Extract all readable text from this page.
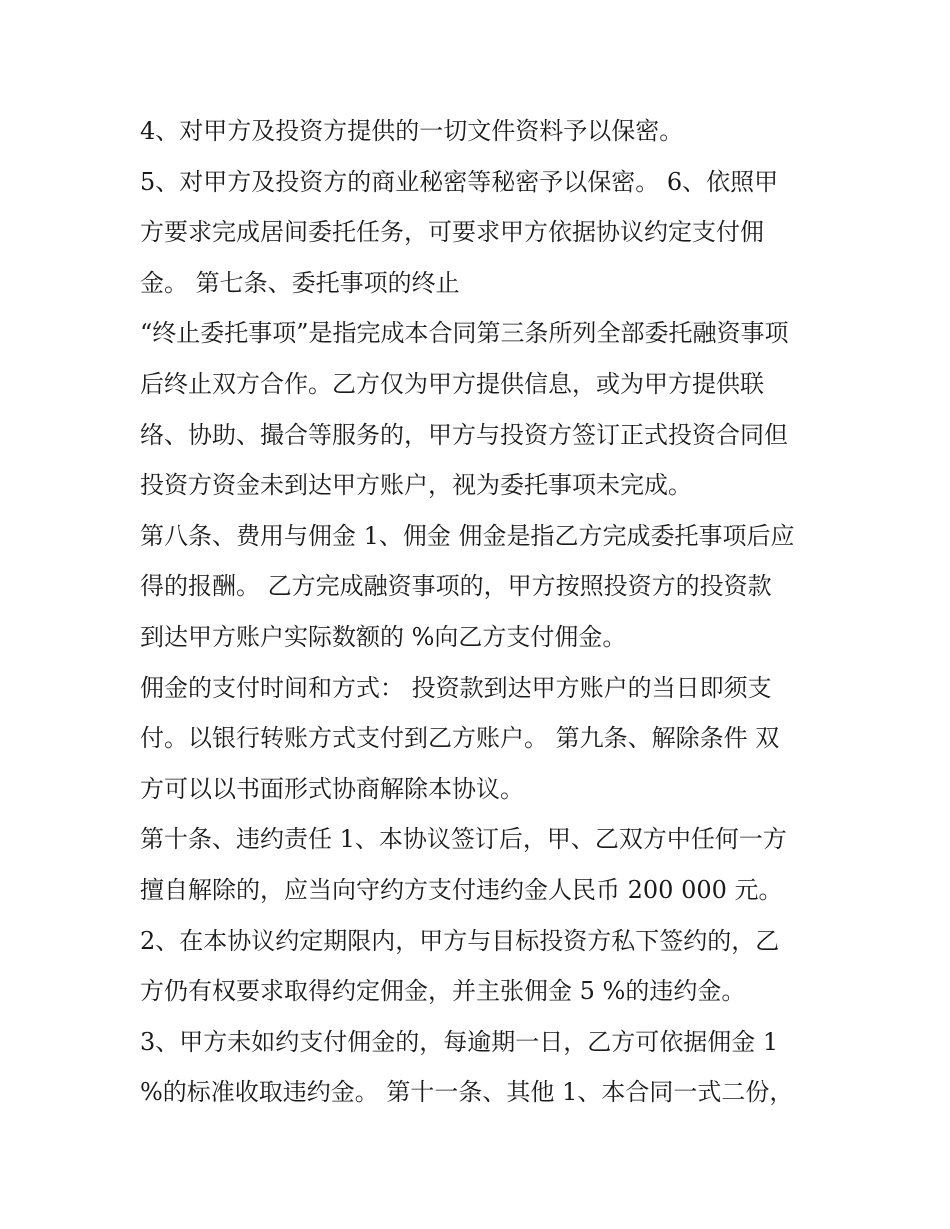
4、对甲方及投资方提供的一切文件资料予以保密。
5、对甲方及投资方的商业秘密等秘密予以保密。 6、依照甲
方要求完成居间委托任务，可要求甲方依据协议约定支付佣
金。 第七条、委托事项的终止
“终止委托事项”是指完成本合同第三条所列全部委托融资事项
后终止双方合作。乙方仅为甲方提供信息，或为甲方提供联
络、协助、撮合等服务的，甲方与投资方签订正式投资合同但
投资方资金未到达甲方账户，视为委托事项未完成。
第八条、费用与佣金 1、佣金 佣金是指乙方完成委托事项后应
得的报酬。 乙方完成融资事项的，甲方按照投资方的投资款
到达甲方账户实际数额的 %向乙方支付佣金。
佣金的支付时间和方式： 投资款到达甲方账户的当日即须支
付。以银行转账方式支付到乙方账户。 第九条、解除条件 双
方可以以书面形式协商解除本协议。
第十条、违约责任 1、本协议签订后，甲、乙双方中任何一方
擅自解除的，应当向守约方支付违约金人民币 200 000 元。
2、在本协议约定期限内，甲方与目标投资方私下签约的，乙
方仍有权要求取得约定佣金，并主张佣金 5 %的违约金。
3、甲方未如约支付佣金的，每逾期一日，乙方可依据佣金 1
%的标准收取违约金。 第十一条、其他 1、本合同一式二份，
